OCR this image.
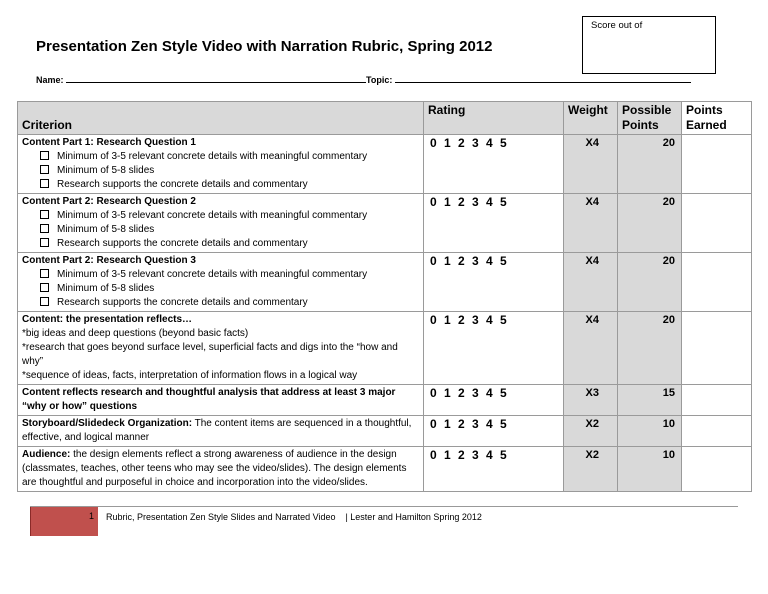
Presentation Zen Style Video with Narration Rubric, Spring 2012
Score out of
Name:	Topic:
Criterion	Rating	Weight	Possible Points	Points Earned
Content Part 1: Research Question 1
Minimum of 3-5 relevant concrete details with meaningful commentary
Minimum of 5-8 slides
Research supports the concrete details and commentary	0 1 2 3 4 5	X4	20	
Content Part 2: Research Question 2
Minimum of 3-5 relevant concrete details with meaningful commentary
Minimum of 5-8 slides
Research supports the concrete details and commentary	0 1 2 3 4 5	X4	20	
Content Part 2: Research Question 3
Minimum of 3-5 relevant concrete details with meaningful commentary
Minimum of 5-8 slides
Research supports the concrete details and commentary	0 1 2 3 4 5	X4	20	
Content: the presentation reflects…
*big ideas and deep questions (beyond basic facts)
*research that goes beyond surface level, superficial facts and digs into the “how and why”
*sequence of ideas, facts, interpretation of information flows in a logical way	0 1 2 3 4 5	X4	20	
Content reflects research and thoughtful analysis that address at least 3 major “why or how” questions	0 1 2 3 4 5	X3	15	
Storyboard/Slidedeck Organization: The content items are sequenced in a thoughtful, effective, and logical manner	0 1 2 3 4 5	X2	10	
Audience: the design elements reflect a strong awareness of audience in the design (classmates, teaches, other teens who may see the video/slides). The design elements are thoughtful and purposeful in choice and incorporation into the video/slides.	0 1 2 3 4 5	X2	10	
1 Rubric, Presentation Zen Style Slides and Narrated Video    | Lester and Hamilton Spring 2012
